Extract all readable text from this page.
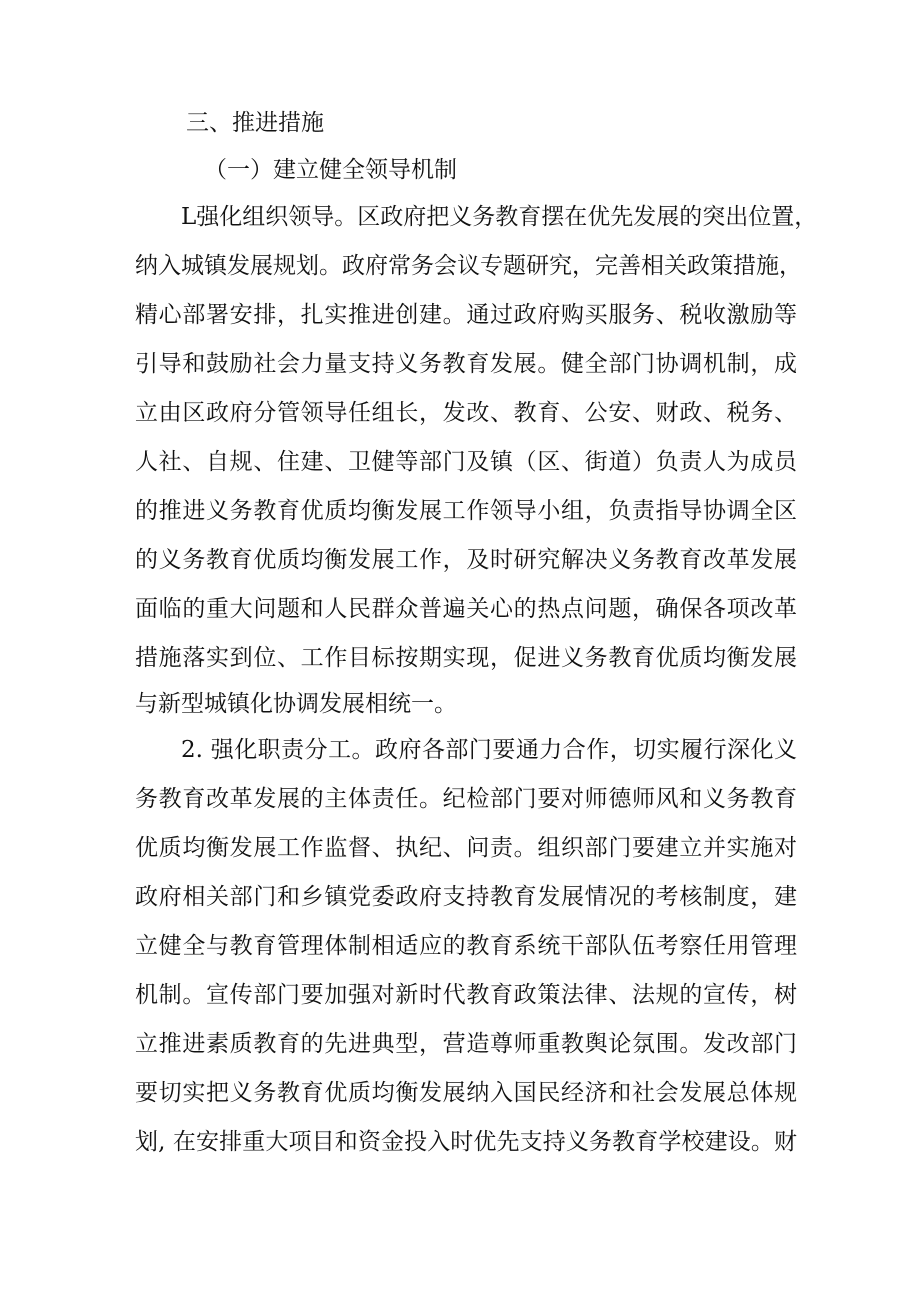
三、推进措施
（一）建立健全领导机制
L强化组织领导。区政府把义务教育摆在优先发展的突出位置，
纳入城镇发展规划。政府常务会议专题研究，完善相关政策措施，
精心部署安排，扎实推进创建。通过政府购买服务、税收激励等
引导和鼓励社会力量支持义务教育发展。健全部门协调机制，成
立由区政府分管领导任组长，发改、教育、公安、财政、税务、
人社、自规、住建、卫健等部门及镇（区、街道）负责人为成员
的推进义务教育优质均衡发展工作领导小组，负责指导协调全区
的义务教育优质均衡发展工作，及时研究解决义务教育改革发展
面临的重大问题和人民群众普遍关心的热点问题，确保各项改革
措施落实到位、工作目标按期实现，促进义务教育优质均衡发展
与新型城镇化协调发展相统一。
2. 强化职责分工。政府各部门要通力合作，切实履行深化义
务教育改革发展的主体责任。纪检部门要对师德师风和义务教育
优质均衡发展工作监督、执纪、问责。组织部门要建立并实施对
政府相关部门和乡镇党委政府支持教育发展情况的考核制度，建
立健全与教育管理体制相适应的教育系统干部队伍考察任用管理
机制。宣传部门要加强对新时代教育政策法律、法规的宣传，树
立推进素质教育的先进典型，营造尊师重教舆论氛围。发改部门
要切实把义务教育优质均衡发展纳入国民经济和社会发展总体规
划, 在安排重大项目和资金投入时优先支持义务教育学校建设。财
